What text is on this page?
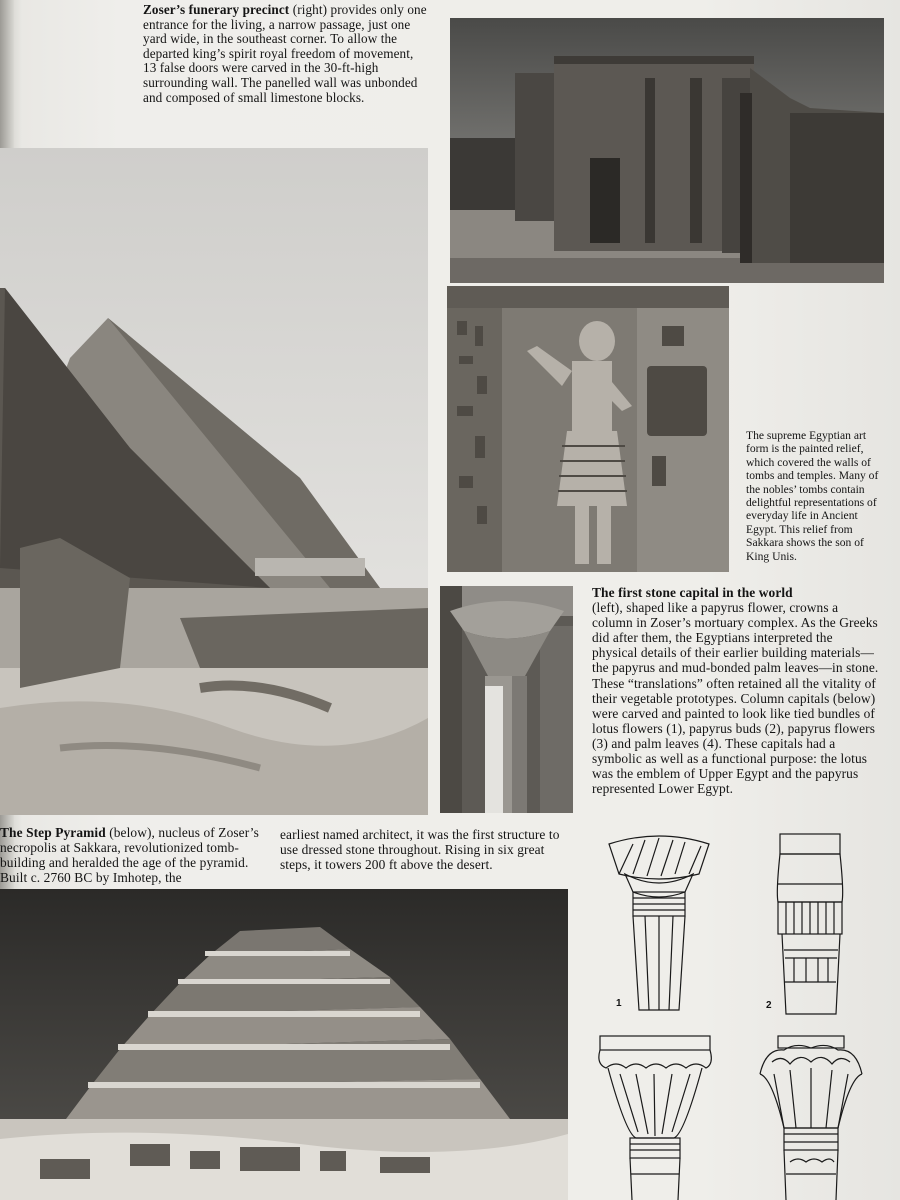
Zoser’s funerary precinct (right) provides only one entrance for the living, a narrow passage, just one yard wide, in the southeast corner. To allow the departed king’s spirit royal freedom of movement, 13 false doors were carved in the 30-ft-high surrounding wall. The panelled wall was unbonded and composed of small limestone blocks.
The supreme Egyptian art form is the painted relief, which covered the walls of tombs and temples. Many of the nobles’ tombs contain delightful representations of everyday life in Ancient Egypt. This relief from Sakkara shows the son of King Unis.
The first stone capital in the world
(left), shaped like a papyrus flower, crowns a column in Zoser’s mortuary complex. As the Greeks did after them, the Egyptians interpreted the physical details of their earlier building materials—the papyrus and mud-bonded palm leaves—in stone. These “translations” often retained all the vitality of their vegetable prototypes. Column capitals (below) were carved and painted to look like tied bundles of lotus flowers (1), papyrus buds (2), papyrus flowers (3) and palm leaves (4). These capitals had a symbolic as well as a functional purpose: the lotus was the emblem of Upper Egypt and the papyrus represented Lower Egypt.
The Step Pyramid (below), nucleus of Zoser’s necropolis at Sakkara, revolutionized tomb-building and heralded the age of the pyramid. Built c. 2760 BC by Imhotep, the
earliest named architect, it was the first structure to use dressed stone throughout. Rising in six great steps, it towers 200 ft above the desert.
1	2
